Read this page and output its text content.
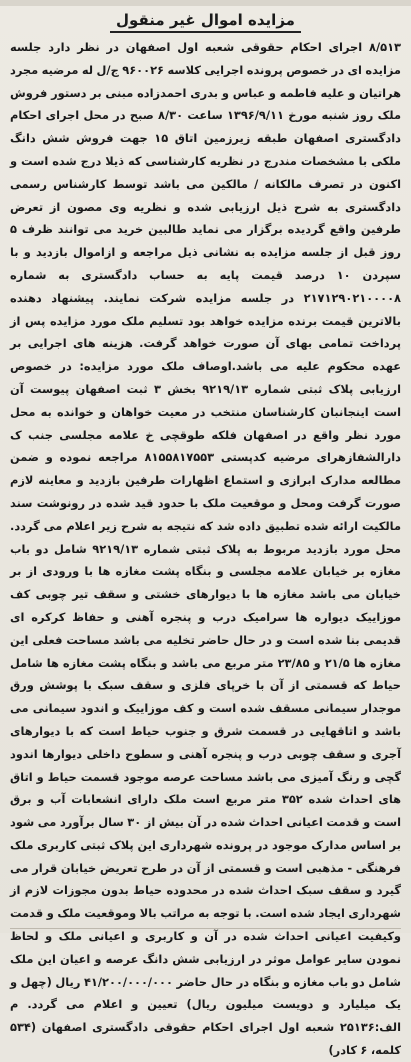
مزایده اموال غیر منقول

۸/۵۱۳ اجرای احکام حقوقی شعبه اول اصفهان در نظر دارد جلسه مزایده ای در خصوص پرونده اجرایی کلاسه ۹۶۰۰۲۶ ج/ل له مرضیه مجرد هراتیان و علیه فاطمه و عباس و بدری احمدزاده مبنی بر دستور فروش ملک روز شنبه مورخ ۱۳۹۶/۹/۱۱ ساعت ۸/۳۰ صبح در محل اجرای احکام دادگستری اصفهان طبقه زیرزمین اتاق ۱۵ جهت فروش شش دانگ ملکی با مشخصات مندرج در نظریه کارشناسی که ذیلا درج شده است و اکنون در تصرف مالکانه / مالکین می باشد توسط کارشناس رسمی دادگستری به شرح ذیل ارزیابی شده و نظریه وی مصون از تعرض طرفین واقع گردیده برگزار می نماید طالبین خرید می توانند ظرف ۵ روز قبل از جلسه مزایده به نشانی ذیل مراجعه و ازاموال بازدید و با سپردن ۱۰ درصد قیمت پایه به حساب دادگستری به شماره ۲۱۷۱۲۹۰۲۱۰۰۰۰۸ در جلسه مزایده شرکت نمایند. پیشنهاد دهنده بالاترین قیمت برنده مزایده خواهد بود تسلیم ملک مورد مزایده پس از پرداخت تمامی بهای آن صورت خواهد گرفت. هزینه های اجرایی بر عهده محکوم علیه می باشد.اوصاف ملک مورد مزایده: در خصوص ارزیابی پلاک ثبتی شماره ۹۲۱۹/۱۳ بخش ۳ ثبت اصفهان پیوست آن است اینجانبان کارشناسان منتخب در معیت خواهان و خوانده به محل مورد نظر واقع در اصفهان فلکه طوقچی خ علامه مجلسی جنب ک دارالشفازهرای مرضیه کدپستی ۸۱۵۵۸۱۷۵۵۳ مراجعه نموده و ضمن مطالعه مدارک ابرازی و استماع اظهارات طرفین بازدید و معاینه لازم صورت گرفت ومحل و موقعیت ملک با حدود قید شده در رونوشت سند مالکیت ارائه شده تطبیق داده شد که نتیجه به شرح زیر اعلام می گردد. محل مورد بازدید مربوط به پلاک ثبتی شماره ۹۲۱۹/۱۳ شامل دو باب مغازه بر خیابان علامه مجلسی و بنگاه پشت مغازه ها با ورودی از بر خیابان می باشد مغازه ها با دیوارهای خشتی و سقف تیر چوبی کف موزاییک دیواره ها سرامیک درب و پنجره آهنی و حفاظ کرکره ای قدیمی بنا شده است و در حال حاضر تخلیه می باشد مساحت فعلی این مغازه ها ۲۱/۵ و ۲۳/۸۵ متر مربع می باشد و بنگاه پشت مغازه ها شامل حیاط که قسمتی از آن با خرپای فلزی و سقف سبک با پوشش ورق موجدار سیمانی مسقف شده است و کف موزاییک و اندود سیمانی می باشد و اتاقهایی در قسمت شرق و جنوب حیاط است که با دیوارهای آجری و سقف چوبی درب و پنجره آهنی و سطوح داخلی دیوارها اندود گچی و رنگ آمیزی می باشد مساحت عرصه موجود قسمت حیاط و اتاق های احداث شده ۳۵۲ متر مربع است ملک دارای انشعابات آب و برق است و قدمت اعیانی احداث شده در آن بیش از ۳۰ سال برآورد می شود بر اساس مدارک موجود در پرونده شهرداری این پلاک ثبتی کاربری ملک فرهنگی - مذهبی است و قسمتی از آن در طرح تعریض خیابان قرار می گیرد و سقف سبک احداث شده در محدوده حیاط بدون مجوزات لازم از شهرداری ایجاد شده است. با توجه به مراتب بالا وموقعیت ملک و قدمت وکیفیت اعیانی احداث شده در آن و کاربری و اعیانی ملک و لحاظ نمودن سایر عوامل موثر در ارزیابی شش دانگ عرصه و اعیان این ملک شامل دو باب مغازه و بنگاه در حال حاضر ۴۱/۲۰۰/۰۰۰/۰۰۰ ریال (چهل و یک میلیارد و دویست میلیون ریال) تعیین و اعلام می گردد. م الف:۲۵۱۳۶ شعبه اول اجرای احکام حقوقی دادگستری اصفهان (۵۳۴ کلمه، ۶ کادر)
